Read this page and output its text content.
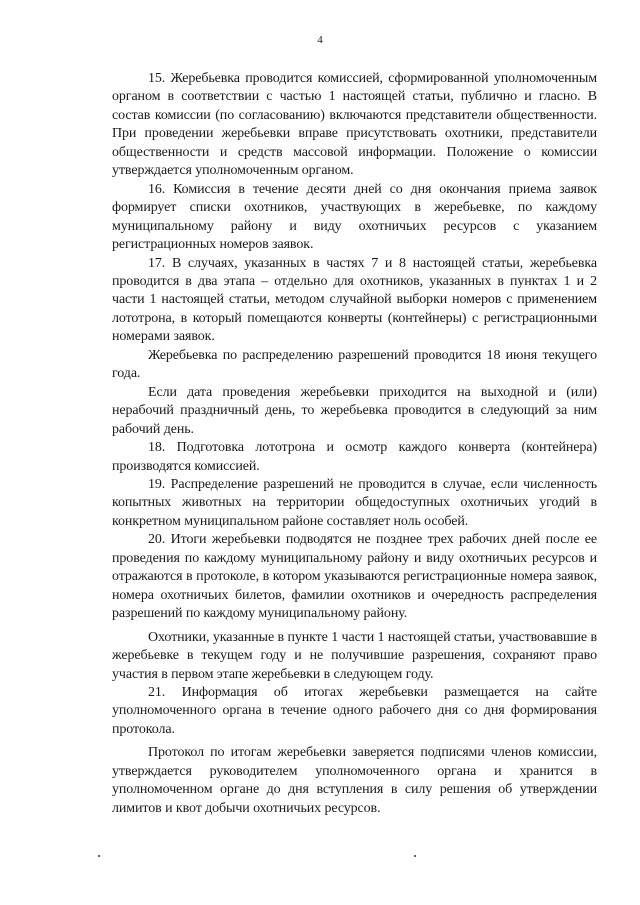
4

15. Жеребьевка проводится комиссией, сформированной уполномоченным органом в соответствии с частью 1 настоящей статьи, публично и гласно. В состав комиссии (по согласованию) включаются представители общественности. При проведении жеребьевки вправе присутствовать охотники, представители общественности и средств массовой информации. Положение о комиссии утверждается уполномоченным органом.

16. Комиссия в течение десяти дней со дня окончания приема заявок формирует списки охотников, участвующих в жеребьевке, по каждому муниципальному району и виду охотничьих ресурсов с указанием регистрационных номеров заявок.

17. В случаях, указанных в частях 7 и 8 настоящей статьи, жеребьевка проводится в два этапа – отдельно для охотников, указанных в пунктах 1 и 2 части 1 настоящей статьи, методом случайной выборки номеров с применением лототрона, в который помещаются конверты (контейнеры) с регистрационными номерами заявок.

Жеребьевка по распределению разрешений проводится 18 июня текущего года.

Если дата проведения жеребьевки приходится на выходной и (или) нерабочий праздничный день, то жеребьевка проводится в следующий за ним рабочий день.

18. Подготовка лототрона и осмотр каждого конверта (контейнера) производятся комиссией.

19. Распределение разрешений не проводится в случае, если численность копытных животных на территории общедоступных охотничьих угодий в конкретном муниципальном районе составляет ноль особей.

20. Итоги жеребьевки подводятся не позднее трех рабочих дней после ее проведения по каждому муниципальному району и виду охотничьих ресурсов и отражаются в протоколе, в котором указываются регистрационные номера заявок, номера охотничьих билетов, фамилии охотников и очередность распределения разрешений по каждому муниципальному району.

Охотники, указанные в пункте 1 части 1 настоящей статьи, участвовавшие в жеребьевке в текущем году и не получившие разрешения, сохраняют право участия в первом этапе жеребьевки в следующем году.

21. Информация об итогах жеребьевки размещается на сайте уполномоченного органа в течение одного рабочего дня со дня формирования протокола.

Протокол по итогам жеребьевки заверяется подписями членов комиссии, утверждается руководителем уполномоченного органа и хранится в уполномоченном органе до дня вступления в силу решения об утверждении лимитов и квот добычи охотничьих ресурсов.
